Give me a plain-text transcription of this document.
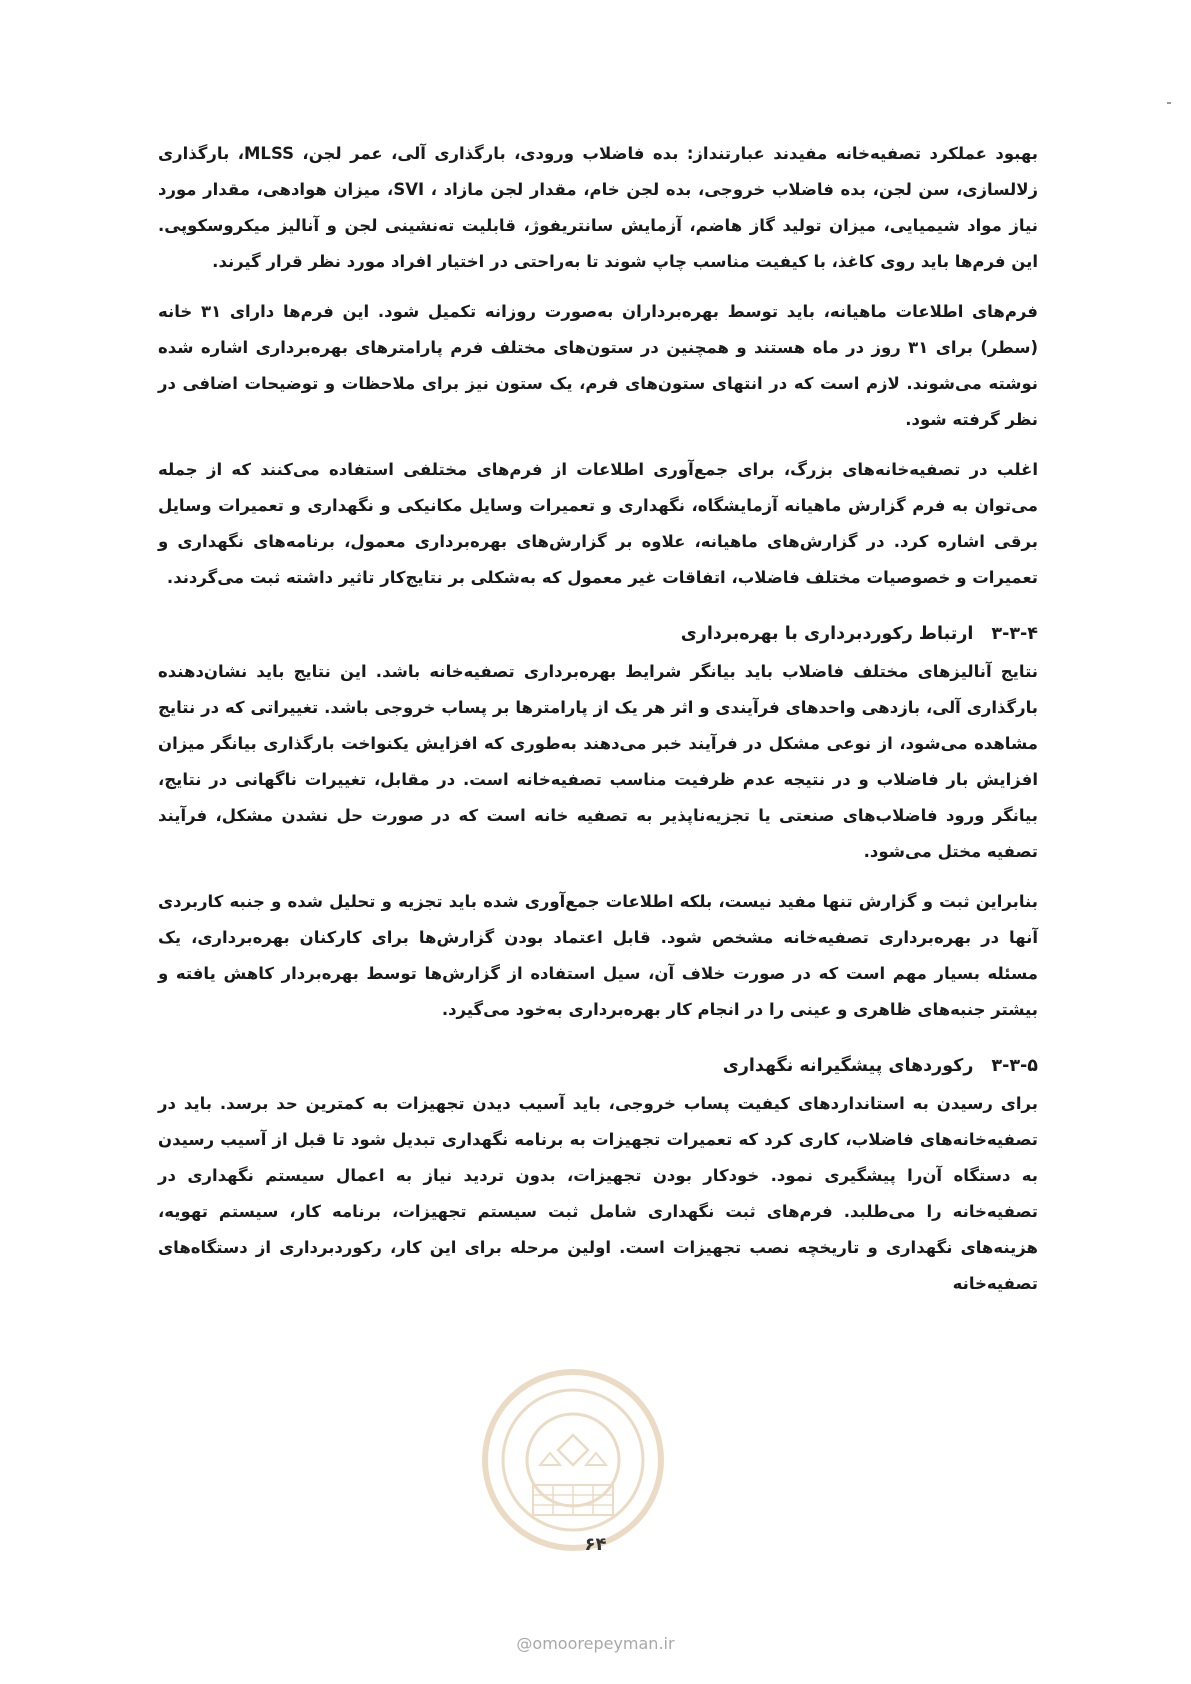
بهبود عملکرد تصفیه‌خانه مفیدند عبارتنداز: بده فاضلاب ورودی، بارگذاری آلی، عمر لجن، MLSS، بارگذاری زلالسازی، سن لجن، بده فاضلاب خروجی، بده لجن خام، مقدار لجن مازاد ، SVI، میزان هوادهی، مقدار مورد نیاز مواد شیمیایی، میزان تولید گاز هاضم، آزمایش سانتریفوژ، قابلیت ته‌نشینی لجن و آنالیز میکروسکوپی. این فرم‌ها باید روی کاغذ، با کیفیت مناسب چاپ شوند تا به‌راحتی در اختیار افراد مورد نظر قرار گیرند.

فرم‌های اطلاعات ماهیانه، باید توسط بهره‌برداران به‌صورت روزانه تکمیل شود. این فرم‌ها دارای ۳۱ خانه (سطر) برای ۳۱ روز در ماه هستند و همچنین در ستون‌های مختلف فرم پارامترهای بهره‌برداری اشاره شده نوشته می‌شوند. لازم است که در انتهای ستون‌های فرم، یک ستون نیز برای ملاحظات و توضیحات اضافی در نظر گرفته شود.

اغلب در تصفیه‌خانه‌های بزرگ، برای جمع‌آوری اطلاعات از فرم‌های مختلفی استفاده می‌کنند که از جمله می‌توان به فرم گزارش ماهیانه آزمایشگاه، نگهداری و تعمیرات وسایل مکانیکی و نگهداری و تعمیرات وسایل برقی اشاره کرد. در گزارش‌های ماهیانه، علاوه بر گزارش‌های بهره‌برداری معمول، برنامه‌های نگهداری و تعمیرات و خصوصیات مختلف فاضلاب، اتفاقات غیر معمول که به‌شکلی بر نتایج‌کار تاثیر داشته ثبت می‌گردند.

۳-۳-۴ارتباط رکوردبرداری با بهره‌برداری

نتایج آنالیزهای مختلف فاضلاب باید بیانگر شرایط بهره‌برداری تصفیه‌خانه باشد. این نتایج باید نشان‌دهنده بارگذاری آلی، بازدهی واحدهای فرآیندی و اثر هر یک از پارامترها بر پساب خروجی باشد. تغییراتی که در نتایج مشاهده می‌شود، از نوعی مشکل در فرآیند خبر می‌دهند به‌طوری که افزایش یکنواخت بارگذاری بیانگر میزان افزایش بار فاضلاب و در نتیجه عدم ظرفیت مناسب تصفیه‌خانه است. در مقابل، تغییرات ناگهانی در نتایج، بیانگر ورود فاضلاب‌های صنعتی یا تجزیه‌ناپذیر به تصفیه خانه است که در صورت حل نشدن مشکل، فرآیند تصفیه مختل می‌شود.

بنابراین ثبت و گزارش تنها مفید نیست، بلکه اطلاعات جمع‌آوری شده باید تجزیه و تحلیل شده و جنبه کاربردی آنها در بهره‌برداری تصفیه‌خانه مشخص شود. قابل اعتماد بودن گزارش‌ها برای کارکنان بهره‌برداری، یک مسئله بسیار مهم است که در صورت خلاف آن، سیل استفاده از گزارش‌ها توسط بهره‌بردار کاهش یافته و بیشتر جنبه‌های ظاهری و عینی را در انجام کار بهره‌برداری به‌خود می‌گیرد.

۳-۳-۵رکوردهای پیشگیرانه نگهداری

برای رسیدن به استانداردهای کیفیت پساب خروجی، باید آسیب دیدن تجهیزات به کمترین حد برسد. باید در تصفیه‌خانه‌های فاضلاب، کاری کرد که تعمیرات تجهیزات به برنامه نگهداری تبدیل شود تا قبل از آسیب رسیدن به دستگاه آن‌را پیشگیری نمود. خودکار بودن تجهیزات، بدون تردید نیاز به اعمال سیستم نگهداری در تصفیه‌خانه را می‌طلبد. فرم‌های ثبت نگهداری شامل ثبت سیستم تجهیزات، برنامه کار، سیستم تهویه، هزینه‌های نگهداری و تاریخچه نصب تجهیزات است. اولین مرحله برای این کار، رکوردبرداری از دستگاه‌های تصفیه‌خانه

۶۴
@omoorepeyman.ir
